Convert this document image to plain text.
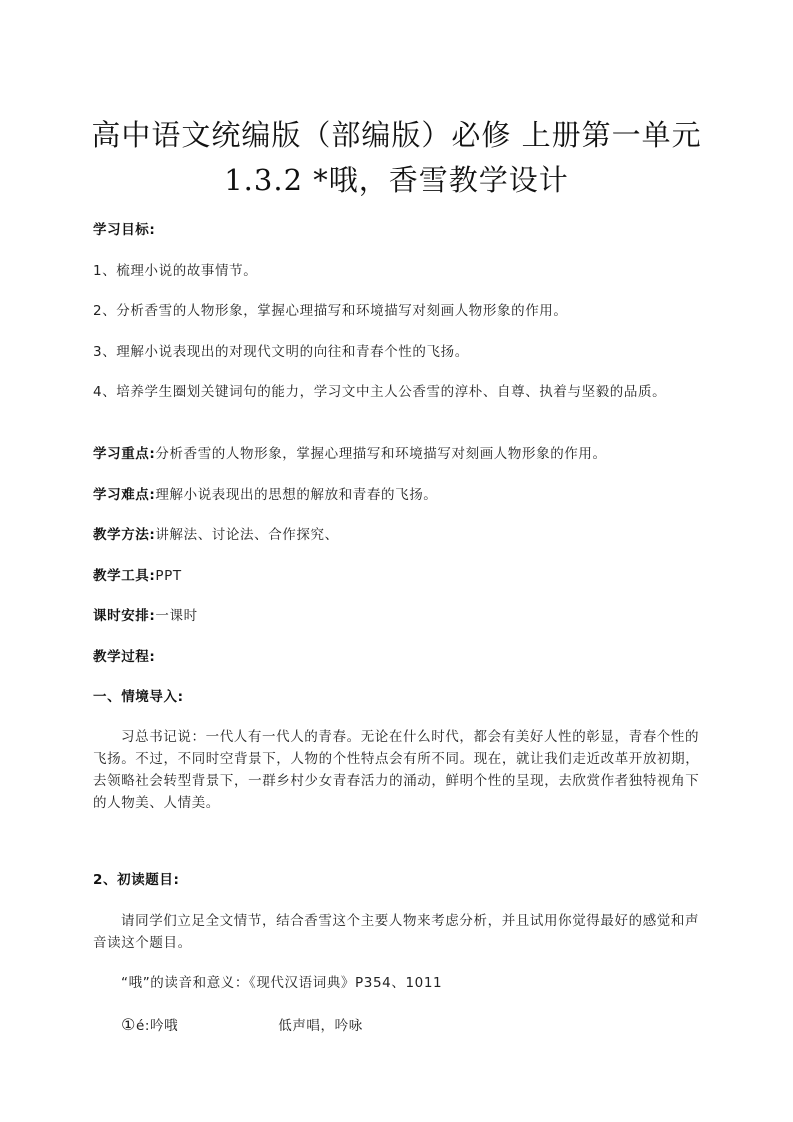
高中语文统编版（部编版）必修 上册第一单元
1.3.2 *哦，香雪教学设计
学习目标:
1、梳理小说的故事情节。
2、分析香雪的人物形象，掌握心理描写和环境描写对刻画人物形象的作用。
3、理解小说表现出的对现代文明的向往和青春个性的飞扬。
4、培养学生圈划关键词句的能力，学习文中主人公香雪的淳朴、自尊、执着与坚毅的品质。
学习重点:分析香雪的人物形象，掌握心理描写和环境描写对刻画人物形象的作用。
学习难点:理解小说表现出的思想的解放和青春的飞扬。
教学方法:讲解法、讨论法、合作探究、
教学工具:PPT
课时安排:一课时
教学过程:
一、情境导入:
习总书记说：一代人有一代人的青春。无论在什么时代，都会有美好人性的彰显，青春个性的飞扬。不过，不同时空背景下，人物的个性特点会有所不同。现在，就让我们走近改革开放初期，去领略社会转型背景下，一群乡村少女青春活力的涌动，鲜明个性的呈现，去欣赏作者独特视角下的人物美、人情美。
2、初读题目:
请同学们立足全文情节，结合香雪这个主要人物来考虑分析，并且试用你觉得最好的感觉和声音读这个题目。
“哦”的读音和意义：《现代汉语词典》P354、1011
①é:吟哦	低声唱，吟咏
